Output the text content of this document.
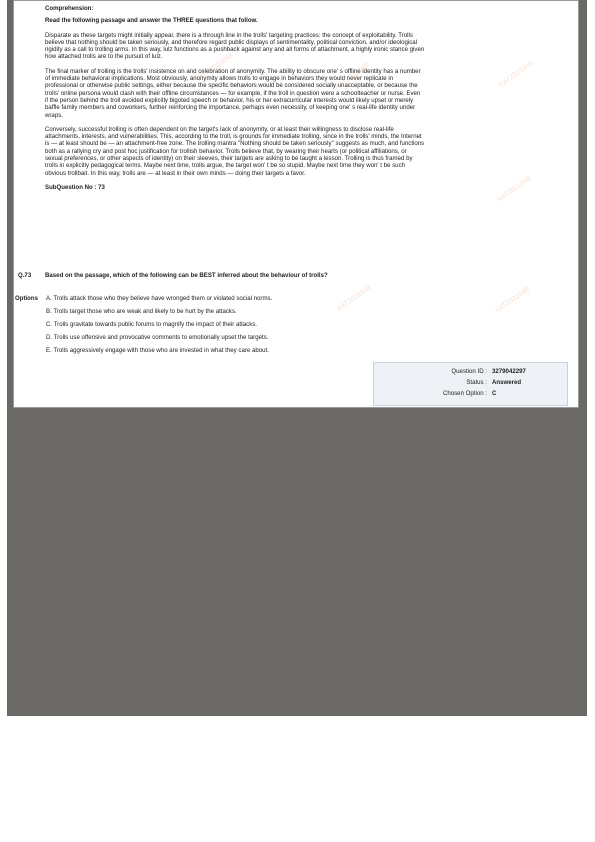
Comprehension:
Read the following passage and answer the THREE questions that follow.

Disparate as these targets might initially appear, there is a through line in the trolls' targeting practices: the concept of exploitability. Trolls believe that nothing should be taken seriously, and therefore regard public displays of sentimentality, political conviction, and/or ideological rigidity as a call to trolling arms. In this way, lulz functions as a pushback against any and all forms of attachment, a highly ironic stance given how attached trolls are to the pursuit of lulz.

The final marker of trolling is the trolls' insistence on and celebration of anonymity. The ability to obscure one' s offline identity has a number of immediate behavioral implications. Most obviously, anonymity allows trolls to engage in behaviors they would never replicate in professional or otherwise public settings, either because the specific behaviors would be considered socially unacceptable, or because the trolls' online persona would clash with their offline circumstances — for example, if the troll in question were a schoolteacher or nurse. Even if the person behind the troll avoided explicitly bigoted speech or behavior, his or her extracurricular interests would likely upset or merely baffle family members and coworkers, further reinforcing the importance, perhaps even necessity, of keeping one' s real-life identity under wraps.

Conversely, successful trolling is often dependent on the target's lack of anonymity, or at least their willingness to disclose real-life attachments, interests, and vulnerabilities. This, according to the troll, is grounds for immediate trolling, since in the trolls' minds, the Internet is — at least should be — an attachment-free zone. The trolling mantra "Nothing should be taken seriously" suggests as much, and functions both as a rallying cry and post hoc justification for trollish behavior. Trolls believe that, by wearing their hearts (or political affiliations, or sexual preferences, or other aspects of identity) on their sleeves, their targets are asking to be taught a lesson. Trolling is thus framed by trolls in explicitly pedagogical terms. Maybe next time, trolls argue, the target won' t be so stupid. Maybe next time they won' t be such obvious trollbait. In this way, trolls are — at least in their own minds — doing their targets a favor.

SubQuestion No : 73
Q.73 Based on the passage, which of the following can be BEST inferred about the behaviour of trolls?
Options A. Trolls attack those who they believe have wronged them or violated social norms.
B. Trolls target those who are weak and likely to be hurt by the attacks.
C. Trolls gravitate towards public forums to magnify the impact of their attacks.
D. Trolls use offensive and provocative comments to emotionally upset the targets.
E. Trolls aggressively engage with those who are invested in what they care about.
Question ID : 3279042297
Status : Answered
Chosen Option : C
XAT2021048
XAT2021048	XAT2021048
XAT2021048
XAT2021048	XAT2021048
